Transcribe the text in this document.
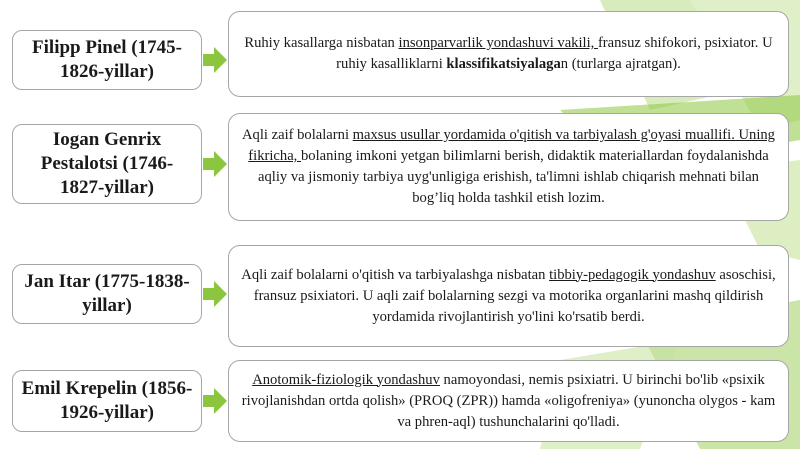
Filipp Pinel (1745-1826-yillar)

Ruhiy kasallarga nisbatan insonparvarlik yondashuvi vakili, fransuz shifokori, psixiator. U ruhiy kasalliklarni klassifikatsiyalagan (turlarga ajratgan).

Iogan Genrix Pestalotsi (1746-1827-yillar)

Aqli zaif bolalarni maxsus usullar yordamida o'qitish va tarbiyalash g'oyasi muallifi. Uning fikricha, bolaning imkoni yetgan bilimlarni berish, didaktik materiallardan foydalanishda aqliy va jismoniy tarbiya uyg'unligiga erishish, ta'limni ishlab chiqarish mehnati bilan bog’liq holda tashkil etish lozim.

Jan Itar (1775-1838-yillar)

Aqli zaif bolalarni o'qitish va tarbiyalashga nisbatan tibbiy-pedagogik yondashuv asoschisi, fransuz psixiatori. U aqli zaif bolalarning sezgi va motorika organlarini mashq qildirish yordamida rivojlantirish yo'lini ko'rsatib berdi.

Emil Krepelin (1856-1926-yillar)

Anotomik-fiziologik yondashuv namoyondasi, nemis psixiatri. U birinchi bo'lib «psixik rivojlanishdan ortda qolish» (PROQ (ZPR)) hamda «oligofreniya» (yunoncha olygos - kam va phren-aql) tushunchalarini qo'lladi.
